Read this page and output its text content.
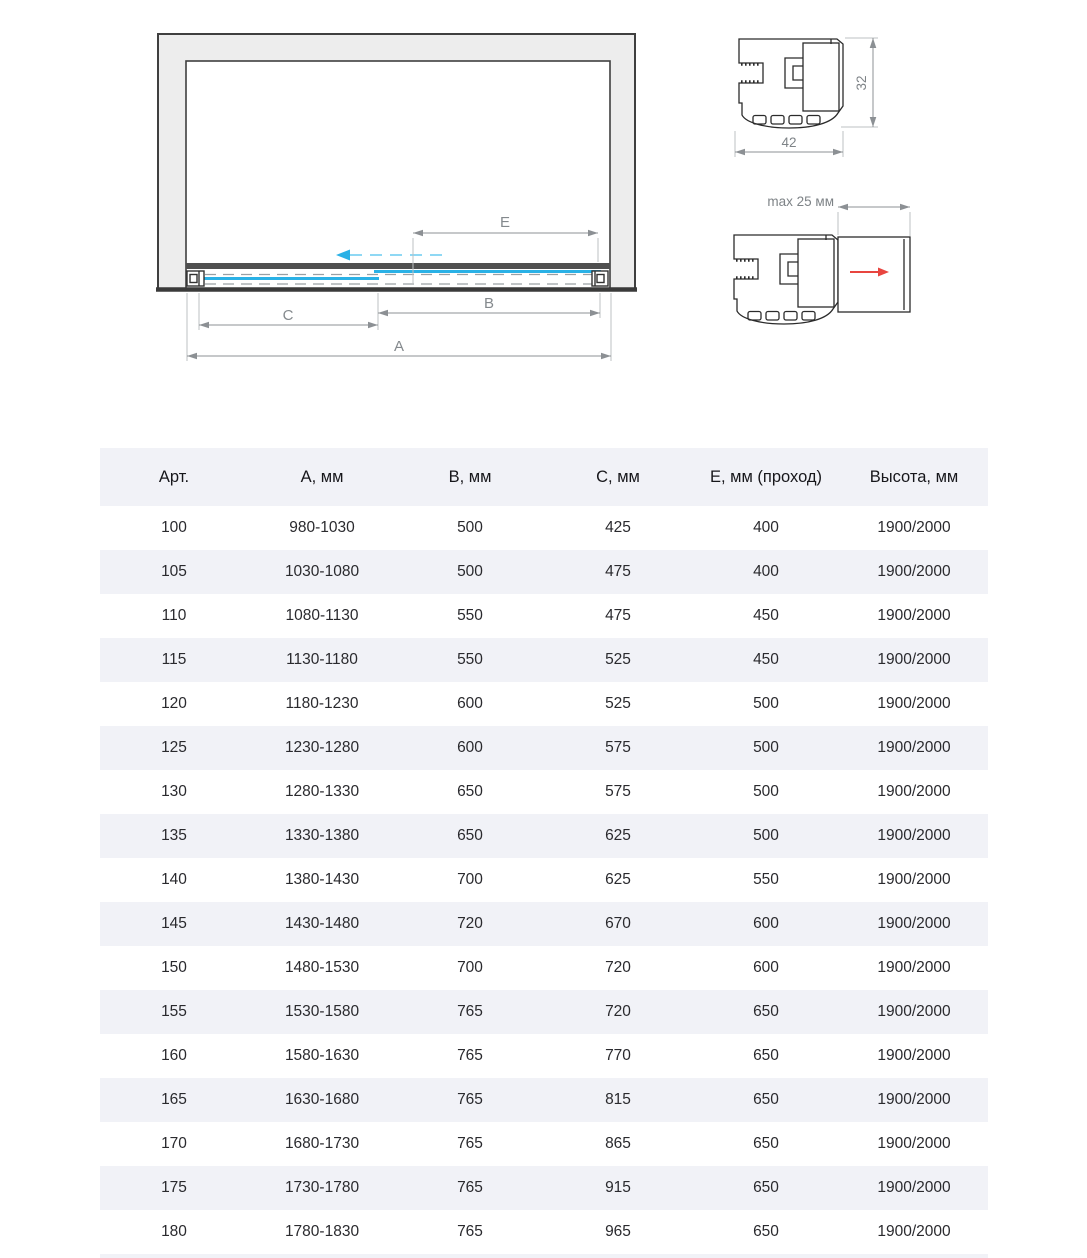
E
B
C
A
42
32
max 25 мм
Арт.	А, мм	В, мм	С, мм	Е, мм (проход)	Высота, мм
100	980-1030	500	425	400	1900/2000
105	1030-1080	500	475	400	1900/2000
110	1080-1130	550	475	450	1900/2000
115	1130-1180	550	525	450	1900/2000
120	1180-1230	600	525	500	1900/2000
125	1230-1280	600	575	500	1900/2000
130	1280-1330	650	575	500	1900/2000
135	1330-1380	650	625	500	1900/2000
140	1380-1430	700	625	550	1900/2000
145	1430-1480	720	670	600	1900/2000
150	1480-1530	700	720	600	1900/2000
155	1530-1580	765	720	650	1900/2000
160	1580-1630	765	770	650	1900/2000
165	1630-1680	765	815	650	1900/2000
170	1680-1730	765	865	650	1900/2000
175	1730-1780	765	915	650	1900/2000
180	1780-1830	765	965	650	1900/2000
